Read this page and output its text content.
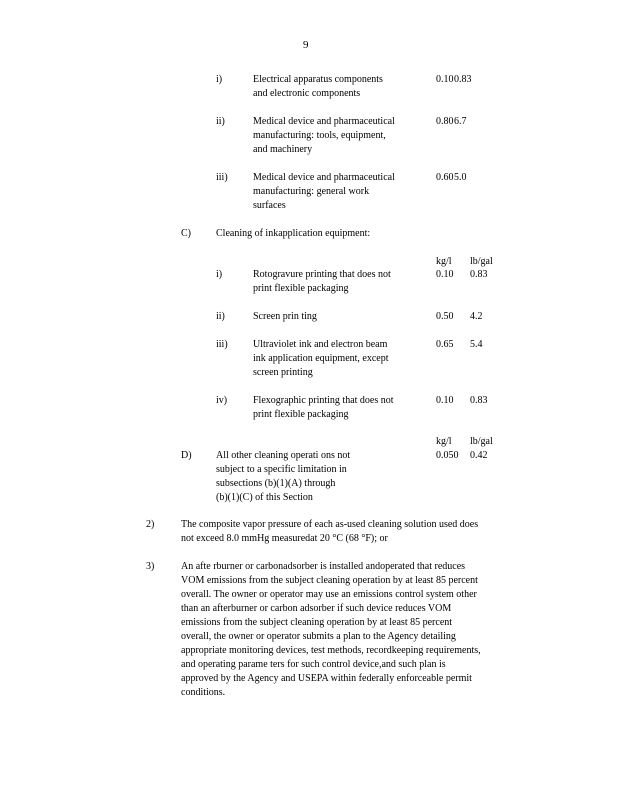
9
i)	Electrical apparatus components
and electronic components
0.10 0.83
ii)	Medical device and pharmaceutical
manufacturing: tools, equipment,
and machinery
0.80 6.7
iii)	Medical device and pharmaceutical
manufacturing: general work
surfaces
0.60 5.0
C)	Cleaning of inkapplication equipment:
kg/l lb/gal
i)	Rotogravure printing that does not
print flexible packaging
0.10 0.83
ii)	Screen prin ting	0.50 4.2
iii)	Ultraviolet ink and electron beam
ink application equipment, except
screen printing
0.65 5.4
iv)	Flexographic printing that does not
print flexible packaging
0.10 0.83
kg/l lb/gal
D) All other cleaning operati ons not
subject to a specific limitation in
subsections (b)(1)(A) through
(b)(1)(C) of this Section
0.050 0.42
2)	The composite vapor pressure of each as-used cleaning solution used does
not exceed 8.0 mmHg measuredat 20 °C (68 °F); or
3)	An afte rburner or carbonadsorber is installed andoperated that reduces
VOM emissions from the subject cleaning operation by at least 85 percent
overall. The owner or operator may use an emissions control system other
than an afterburner or carbon adsorber if such device reduces VOM
emissions from the subject cleaning operation by at least 85 percent
overall, the owner or operator submits a plan to the Agency detailing
appropriate monitoring devices, test methods, recordkeeping requirements,
and operating parame ters for such control device,and such plan is
approved by the Agency and USEPA within federally enforceable permit
conditions.
